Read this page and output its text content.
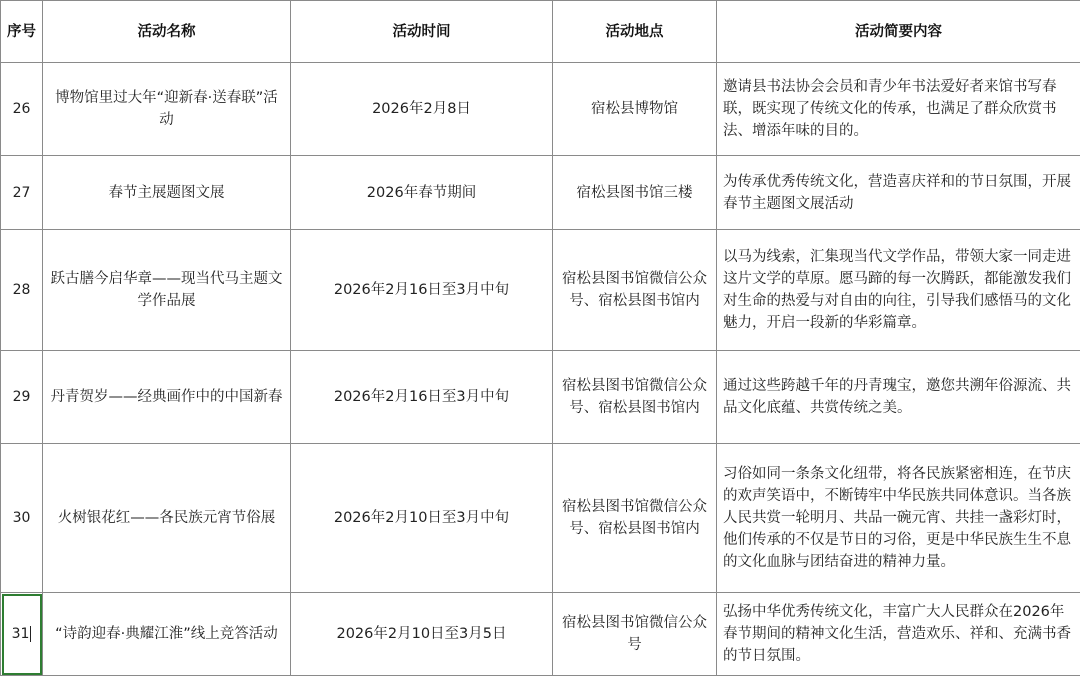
序号	活动名称	活动时间	活动地点	活动简要内容
26	博物馆里过大年“迎新春·送春联”活动	2026年2月8日	宿松县博物馆	邀请县书法协会会员和青少年书法爱好者来馆书写春联，既实现了传统文化的传承，也满足了群众欣赏书法、增添年味的目的。
27	春节主展题图文展	2026年春节期间	宿松县图书馆三楼	为传承优秀传统文化，营造喜庆祥和的节日氛围，开展春节主题图文展活动
28	跃古膳今启华章——现当代马主题文学作品展	2026年2月16日至3月中旬	宿松县图书馆微信公众号、宿松县图书馆内	以马为线索，汇集现当代文学作品，带领大家一同走进这片文学的草原。愿马蹄的每一次腾跃，都能激发我们对生命的热爱与对自由的向往，引导我们感悟马的文化魅力，开启一段新的华彩篇章。
29	丹青贺岁——经典画作中的中国新春	2026年2月16日至3月中旬	宿松县图书馆微信公众号、宿松县图书馆内	通过这些跨越千年的丹青瑰宝，邀您共溯年俗源流、共品文化底蕴、共赏传统之美。
30	火树银花红——各民族元宵节俗展	2026年2月10日至3月中旬	宿松县图书馆微信公众号、宿松县图书馆内	习俗如同一条条文化纽带，将各民族紧密相连，在节庆的欢声笑语中，不断铸牢中华民族共同体意识。当各族人民共赏一轮明月、共品一碗元宵、共挂一盏彩灯时，他们传承的不仅是节日的习俗，更是中华民族生生不息的文化血脉与团结奋进的精神力量。
31	“诗韵迎春·典耀江淮”线上竞答活动	2026年2月10日至3月5日	宿松县图书馆微信公众号	弘扬中华优秀传统文化，丰富广大人民群众在2026年春节期间的精神文化生活，营造欢乐、祥和、充满书香的节日氛围。
